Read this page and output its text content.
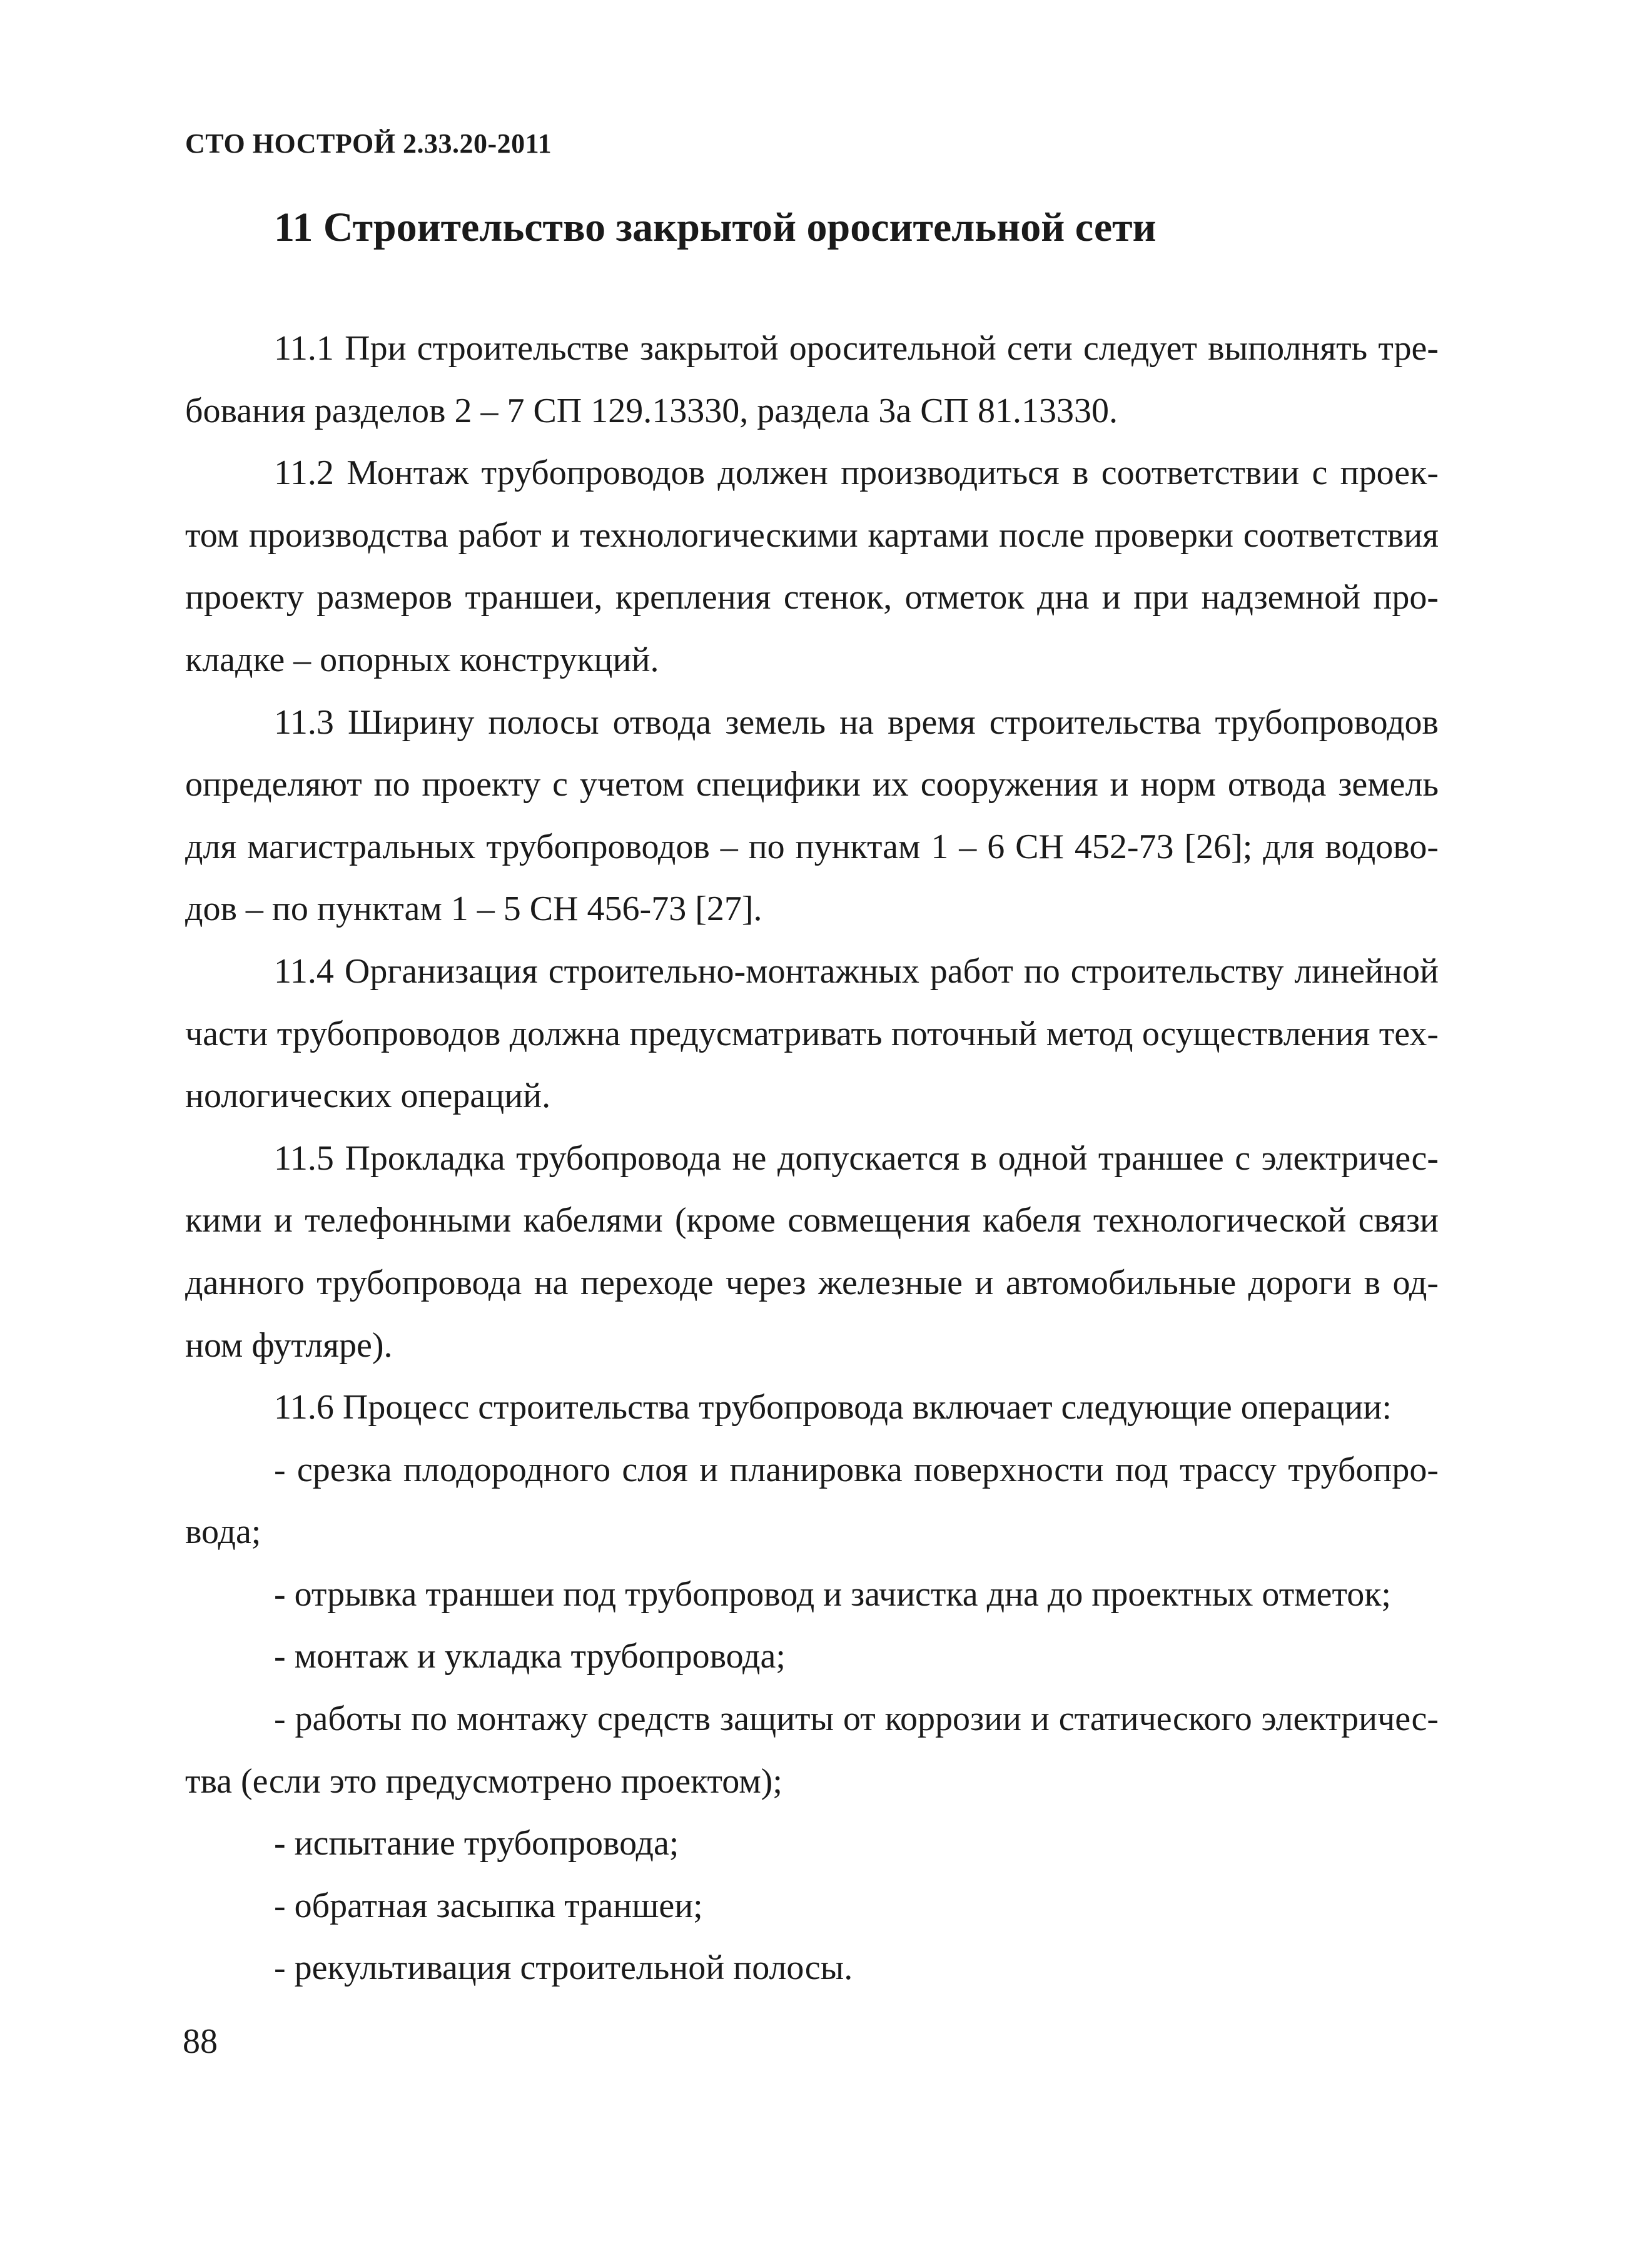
СТО НОСТРОЙ 2.33.20-2011
11 Строительство закрытой оросительной сети

11.1 При строительстве закрытой оросительной сети следует выполнять требования разделов 2 – 7 СП 129.13330, раздела 3а СП 81.13330.

11.2 Монтаж трубопроводов должен производиться в соответствии с проектом производства работ и технологическими картами после проверки соответствия проекту размеров траншеи, крепления стенок, отметок дна и при надземной прокладке – опорных конструкций.

11.3 Ширину полосы отвода земель на время строительства трубопроводов определяют по проекту с учетом специфики их сооружения и норм отвода земель для магистральных трубопроводов – по пунктам 1 – 6 СН 452-73 [26]; для водоводов – по пунктам 1 – 5 СН 456-73 [27].

11.4 Организация строительно-монтажных работ по строительству линейной части трубопроводов должна предусматривать поточный метод осуществления технологических операций.

11.5 Прокладка трубопровода не допускается в одной траншее с электрическими и телефонными кабелями (кроме совмещения кабеля технологической связи данного трубопровода на переходе через железные и автомобильные дороги в одном футляре).

11.6 Процесс строительства трубопровода включает следующие операции:

- срезка плодородного слоя и планировка поверхности под трассу трубопровода;

- отрывка траншеи под трубопровод и зачистка дна до проектных отметок;

- монтаж и укладка трубопровода;

- работы по монтажу средств защиты от коррозии и статического электричества (если это предусмотрено проектом);

- испытание трубопровода;

- обратная засыпка траншеи;

- рекультивация строительной полосы.

88
